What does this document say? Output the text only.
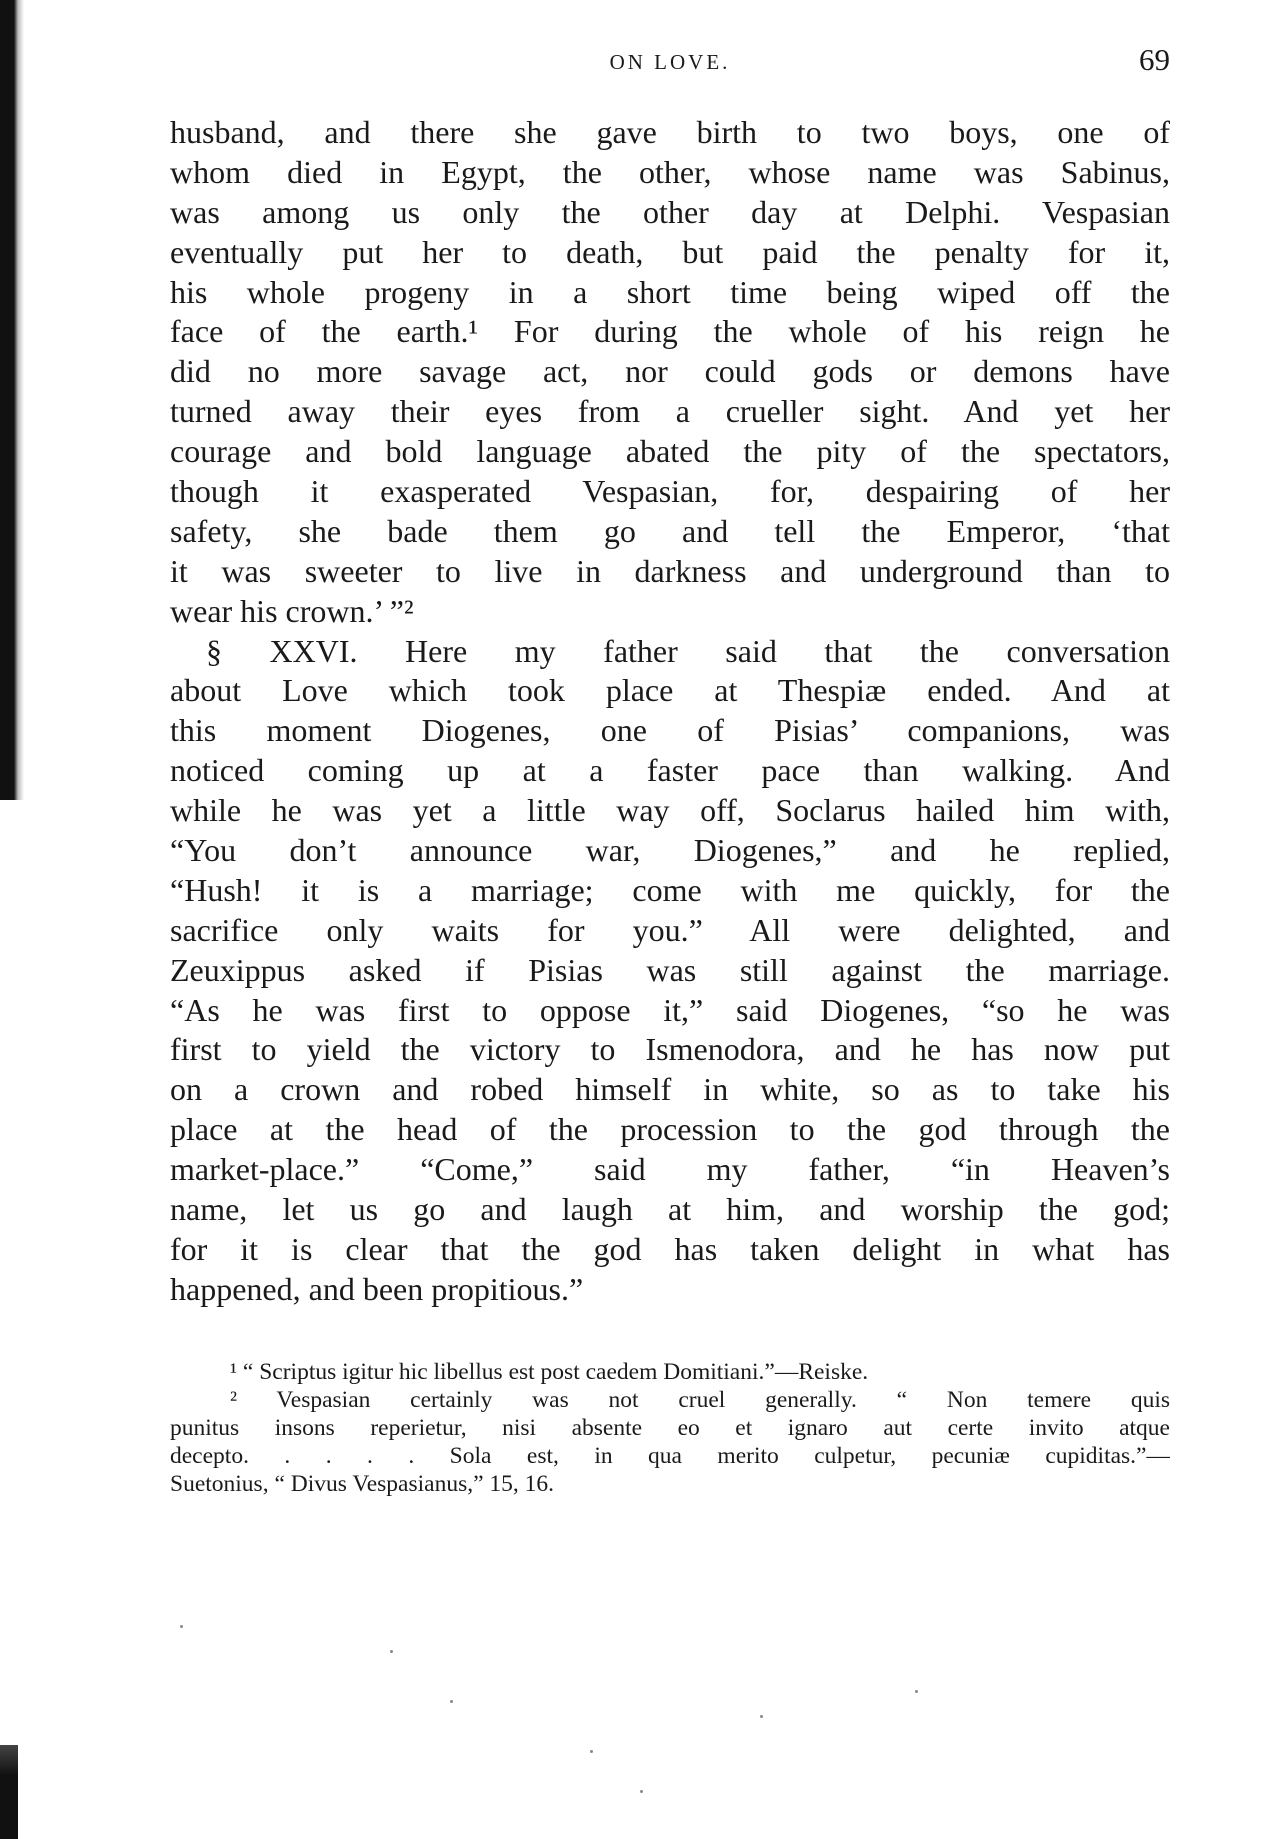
ON LOVE.	69
husband, and there she gave birth to two boys, one of
whom died in Egypt, the other, whose name was Sabinus,
was among us only the other day at Delphi. Vespasian
eventually put her to death, but paid the penalty for it,
his whole progeny in a short time being wiped off the
face of the earth.¹ For during the whole of his reign he
did no more savage act, nor could gods or demons have
turned away their eyes from a crueller sight. And yet her
courage and bold language abated the pity of the spectators,
though it exasperated Vespasian, for, despairing of her
safety, she bade them go and tell the Emperor, ‘that
it was sweeter to live in darkness and underground than to
wear his crown.’ ”²
§ XXVI. Here my father said that the conversation
about Love which took place at Thespiæ ended. And at
this moment Diogenes, one of Pisias’ companions, was
noticed coming up at a faster pace than walking. And
while he was yet a little way off, Soclarus hailed him with,
“You don’t announce war, Diogenes,” and he replied,
“Hush! it is a marriage; come with me quickly, for the
sacrifice only waits for you.” All were delighted, and
Zeuxippus asked if Pisias was still against the marriage.
“As he was first to oppose it,” said Diogenes, “so he was
first to yield the victory to Ismenodora, and he has now put
on a crown and robed himself in white, so as to take his
place at the head of the procession to the god through the
market-place.” “Come,” said my father, “in Heaven’s
name, let us go and laugh at him, and worship the god;
for it is clear that the god has taken delight in what has
happened, and been propitious.”
¹ “ Scriptus igitur hic libellus est post caedem Domitiani.”—Reiske.
² Vespasian certainly was not cruel generally. “ Non temere quis
punitus insons reperietur, nisi absente eo et ignaro aut certe invito atque
decepto. . . . . Sola est, in qua merito culpetur, pecuniæ cupiditas.”—
Suetonius, “ Divus Vespasianus,” 15, 16.
